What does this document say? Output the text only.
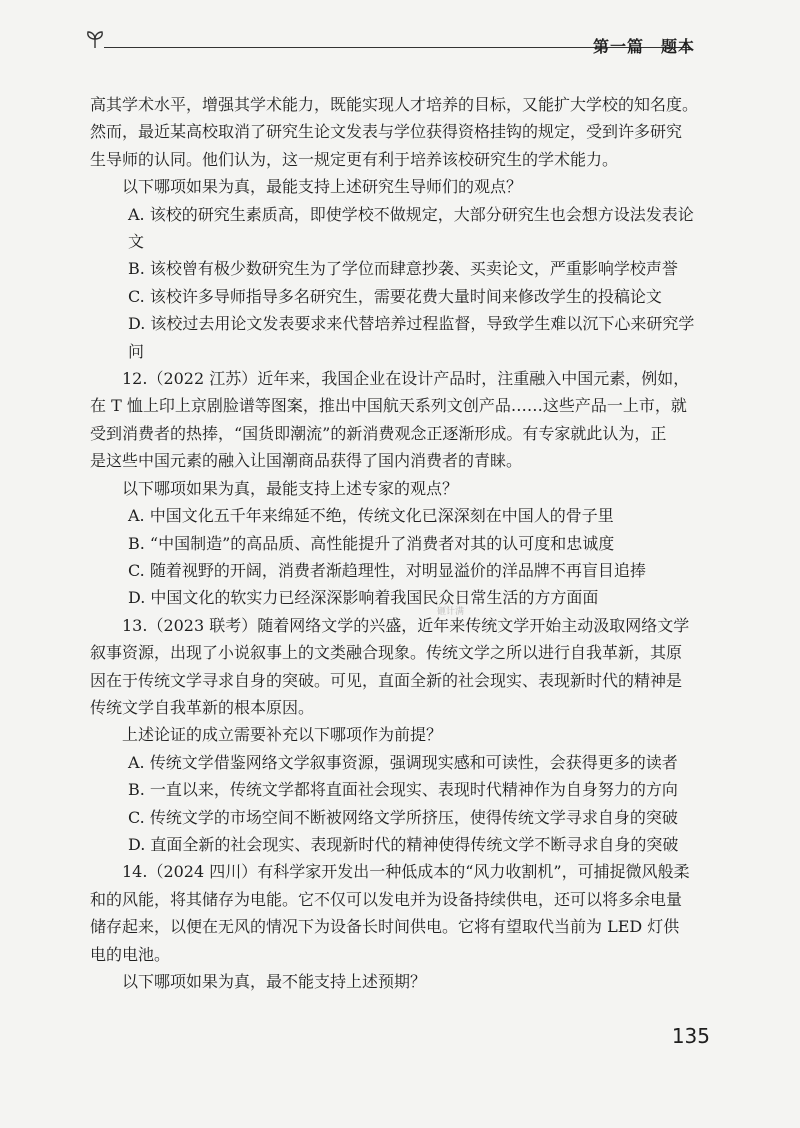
第一篇　题本

高其学术水平，增强其学术能力，既能实现人才培养的目标，又能扩大学校的知名度。

然而，最近某高校取消了研究生论文发表与学位获得资格挂钩的规定，受到许多研究

生导师的认同。他们认为，这一规定更有利于培养该校研究生的学术能力。

以下哪项如果为真，最能支持上述研究生导师们的观点？

A. 该校的研究生素质高，即使学校不做规定，大部分研究生也会想方设法发表论文

B. 该校曾有极少数研究生为了学位而肆意抄袭、买卖论文，严重影响学校声誉

C. 该校许多导师指导多名研究生，需要花费大量时间来修改学生的投稿论文

D. 该校过去用论文发表要求来代替培养过程监督，导致学生难以沉下心来研究学问

12.（2022 江苏）近年来，我国企业在设计产品时，注重融入中国元素，例如，

在 T 恤上印上京剧脸谱等图案，推出中国航天系列文创产品……这些产品一上市，就

受到消费者的热捧，“国货即潮流”的新消费观念正逐渐形成。有专家就此认为，正

是这些中国元素的融入让国潮商品获得了国内消费者的青睐。

以下哪项如果为真，最能支持上述专家的观点？

A. 中国文化五千年来绵延不绝，传统文化已深深刻在中国人的骨子里

B. “中国制造”的高品质、高性能提升了消费者对其的认可度和忠诚度

C. 随着视野的开阔，消费者渐趋理性，对明显溢价的洋品牌不再盲目追捧

D. 中国文化的软实力已经深深影响着我国民众日常生活的方方面面

13.（2023 联考）随着网络文学的兴盛，近年来传统文学开始主动汲取网络文学

叙事资源，出现了小说叙事上的文类融合现象。传统文学之所以进行自我革新，其原

因在于传统文学寻求自身的突破。可见，直面全新的社会现实、表现新时代的精神是

传统文学自我革新的根本原因。

上述论证的成立需要补充以下哪项作为前提？

A. 传统文学借鉴网络文学叙事资源，强调现实感和可读性，会获得更多的读者

B. 一直以来，传统文学都将直面社会现实、表现时代精神作为自身努力的方向

C. 传统文学的市场空间不断被网络文学所挤压，使得传统文学寻求自身的突破

D. 直面全新的社会现实、表现新时代的精神使得传统文学不断寻求自身的突破

14.（2024 四川）有科学家开发出一种低成本的“风力收割机”，可捕捉微风般柔

和的风能，将其储存为电能。它不仅可以发电并为设备持续供电，还可以将多余电量

储存起来，以便在无风的情况下为设备长时间供电。它将有望取代当前为 LED 灯供

电的电池。

以下哪项如果为真，最不能支持上述预期？

砸计满
135
